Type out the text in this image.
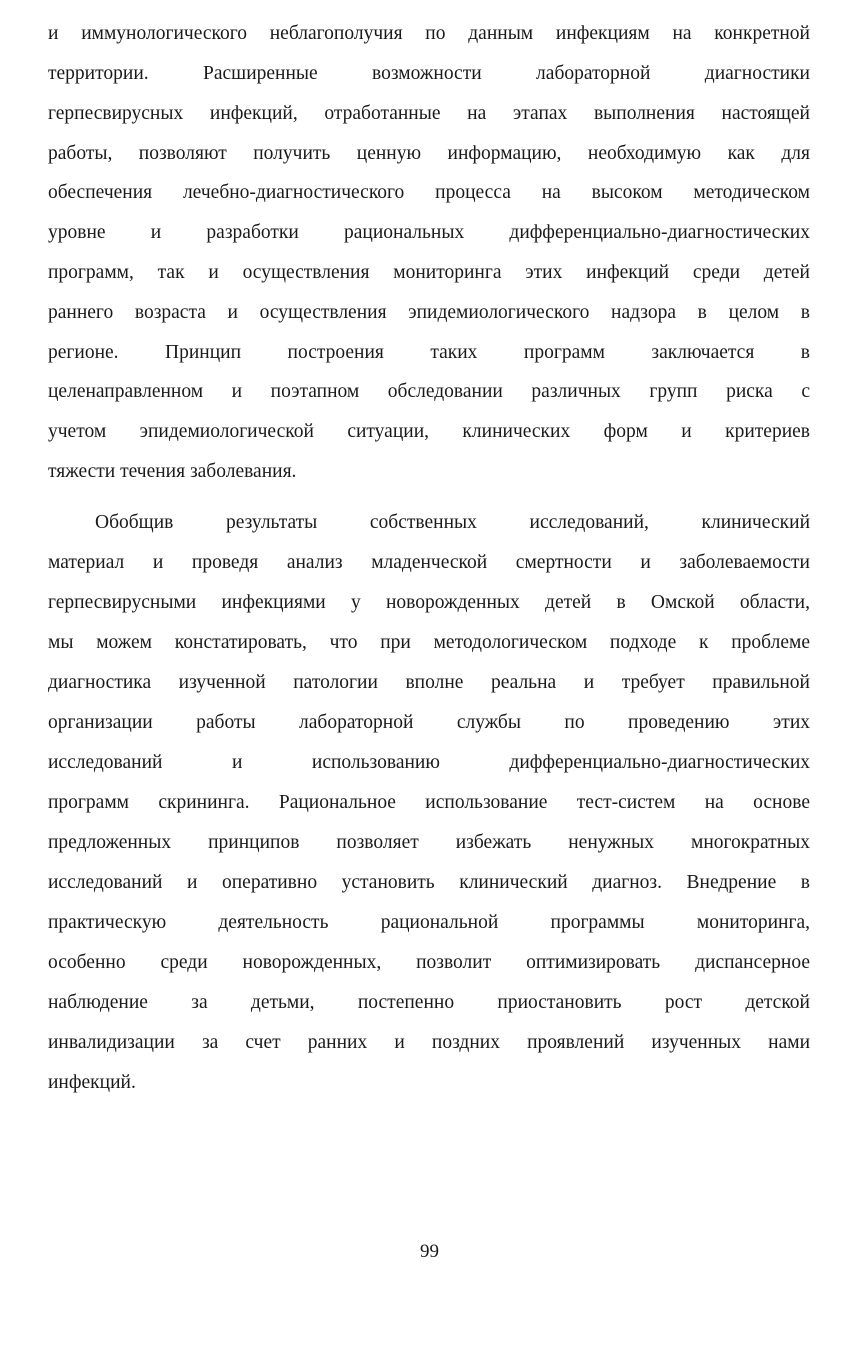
и иммунологического неблагополучия по данным инфекциям на конкретной
территории. Расширенные возможности лабораторной диагностики
герпесвирусных инфекций, отработанные на этапах выполнения настоящей
работы, позволяют получить ценную информацию, необходимую как для
обеспечения лечебно-диагностического процесса на высоком методическом
уровне и разработки рациональных дифференциально-диагностических
программ, так и осуществления мониторинга этих инфекций среди детей
раннего возраста и осуществления эпидемиологического надзора в целом в
регионе. Принцип построения таких программ заключается в
целенаправленном и поэтапном обследовании различных групп риска с
учетом эпидемиологической ситуации, клинических форм и критериев
тяжести течения заболевания.
Обобщив результаты собственных исследований, клинический
материал и проведя анализ младенческой смертности и заболеваемости
герпесвирусными инфекциями у новорожденных детей в Омской области,
мы можем констатировать, что при методологическом подходе к проблеме
диагностика изученной патологии вполне реальна и требует правильной
организации работы лабораторной службы по проведению этих
исследований и использованию дифференциально-диагностических
программ скрининга. Рациональное использование тест-систем на основе
предложенных принципов позволяет избежать ненужных многократных
исследований и оперативно установить клинический диагноз. Внедрение в
практическую деятельность рациональной программы мониторинга,
особенно среди новорожденных, позволит оптимизировать диспансерное
наблюдение за детьми, постепенно приостановить рост детской
инвалидизации за счет ранних и поздних проявлений изученных нами
инфекций.
99
